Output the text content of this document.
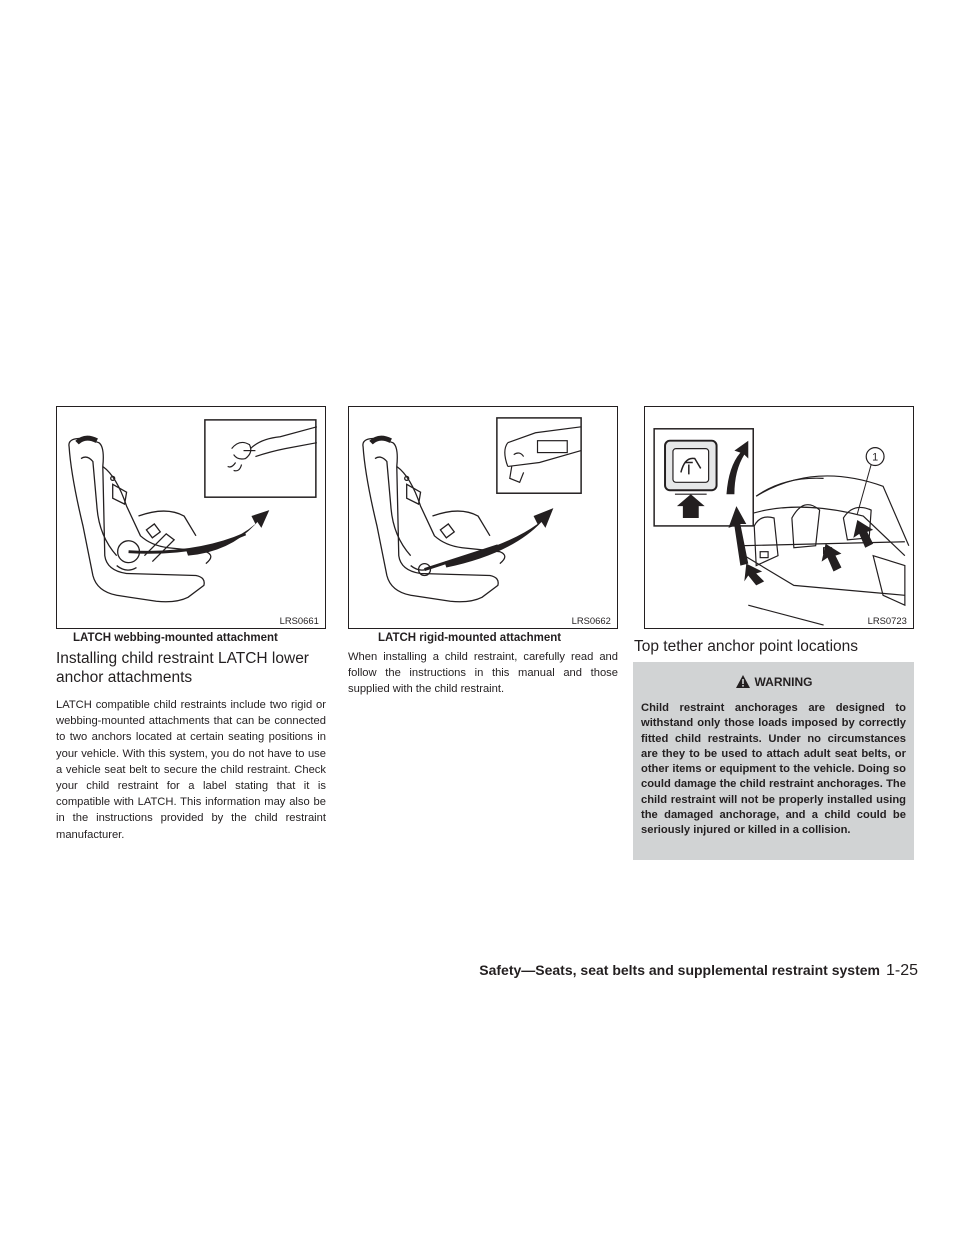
LRS0661
LATCH webbing-mounted attachment
LRS0662
LATCH rigid-mounted attachment
1
LRS0723
Installing child restraint LATCH lower anchor attachments

LATCH compatible child restraints include two rigid or webbing-mounted attachments that can be connected to two anchors located at certain seating positions in your vehicle. With this system, you do not have to use a vehicle seat belt to secure the child restraint. Check your child restraint for a label stating that it is compatible with LATCH. This information may also be in the instructions provided by the child restraint manufacturer.

When installing a child restraint, carefully read and follow the instructions in this manual and those supplied with the child restraint.

Top tether anchor point locations
WARNING

Child restraint anchorages are designed to withstand only those loads imposed by correctly fitted child restraints. Under no circumstances are they to be used to attach adult seat belts, or other items or equipment to the vehicle. Doing so could damage the child restraint anchorages. The child restraint will not be properly installed using the damaged anchorage, and a child could be seriously injured or killed in a collision.

Safety—Seats, seat belts and supplemental restraint system 1-25
